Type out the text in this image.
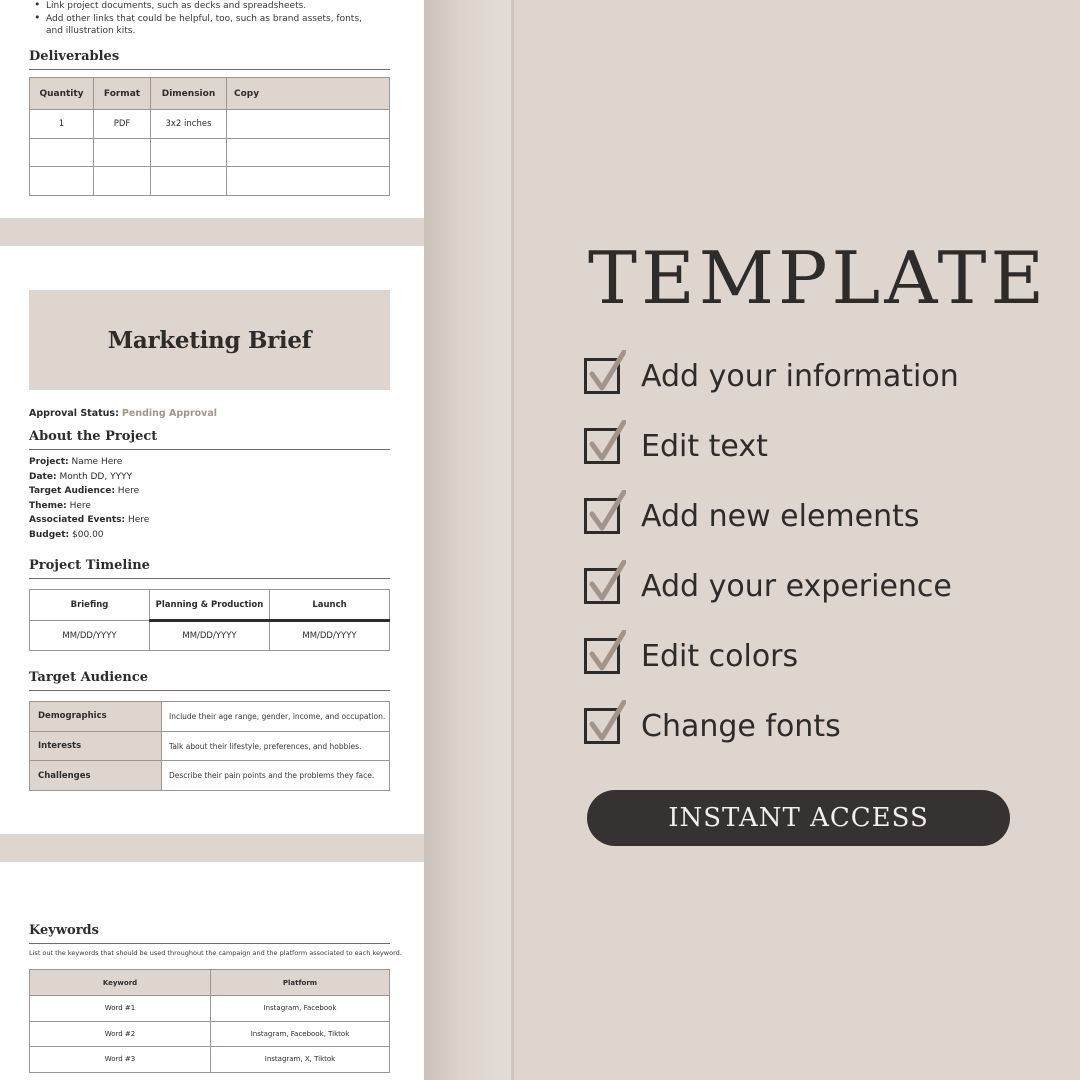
• Link project documents, such as decks and spreadsheets.
• Add other links that could be helpful, too, such as brand assets, fonts, and illustration kits.
Deliverables
Quantity	Format	Dimension	Copy
1	PDF	3x2 inches	

Marketing Brief
Approval Status: Pending Approval
About the Project
Project: Name Here
Date: Month DD, YYYY
Target Audience: Here
Theme: Here
Associated Events: Here
Budget: $00.00
Project Timeline
Briefing	Planning & Production	Launch
MM/DD/YYYY	MM/DD/YYYY	MM/DD/YYYY
Target Audience
Demographics	Include their age range, gender, income, and occupation.
Interests	Talk about their lifestyle, preferences, and hobbies.
Challenges	Describe their pain points and the problems they face.
Keywords
List out the keywords that should be used throughout the campaign and the platform associated to each keyword.
Keyword	Platform
Word #1	Instagram, Facebook
Word #2	Instagram, Facebook, Tiktok
Word #3	Instagram, X, Tiktok
TEMPLATE
Add your information
Edit text
Add new elements
Add your experience
Edit colors
Change fonts
INSTANT ACCESS
